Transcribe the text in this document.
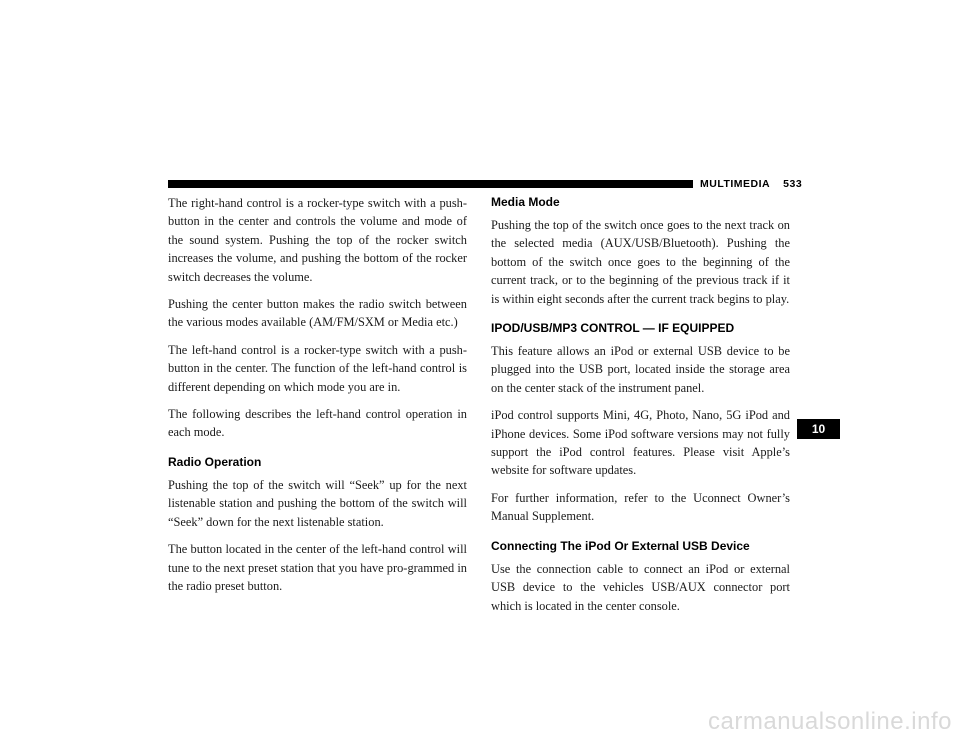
MULTIMEDIA 533
10

The right-hand control is a rocker-type switch with a push-button in the center and controls the volume and mode of the sound system. Pushing the top of the rocker switch increases the volume, and pushing the bottom of the rocker switch decreases the volume.

Pushing the center button makes the radio switch between the various modes available (AM/FM/SXM or Media etc.)

The left-hand control is a rocker-type switch with a push-button in the center. The function of the left-hand control is different depending on which mode you are in.

The following describes the left-hand control operation in each mode.

Radio Operation

Pushing the top of the switch will “Seek” up for the next listenable station and pushing the bottom of the switch will “Seek” down for the next listenable station.

The button located in the center of the left-hand control will tune to the next preset station that you have pro-grammed in the radio preset button.

Media Mode

Pushing the top of the switch once goes to the next track on the selected media (AUX/USB/Bluetooth). Pushing the bottom of the switch once goes to the beginning of the current track, or to the beginning of the previous track if it is within eight seconds after the current track begins to play.

IPOD/USB/MP3 CONTROL — IF EQUIPPED

This feature allows an iPod or external USB device to be plugged into the USB port, located inside the storage area on the center stack of the instrument panel.

iPod control supports Mini, 4G, Photo, Nano, 5G iPod and iPhone devices. Some iPod software versions may not fully support the iPod control features. Please visit Apple’s website for software updates.

For further information, refer to the Uconnect Owner’s Manual Supplement.

Connecting The iPod Or External USB Device

Use the connection cable to connect an iPod or external USB device to the vehicles USB/AUX connector port which is located in the center console.

carmanualsonline.info
